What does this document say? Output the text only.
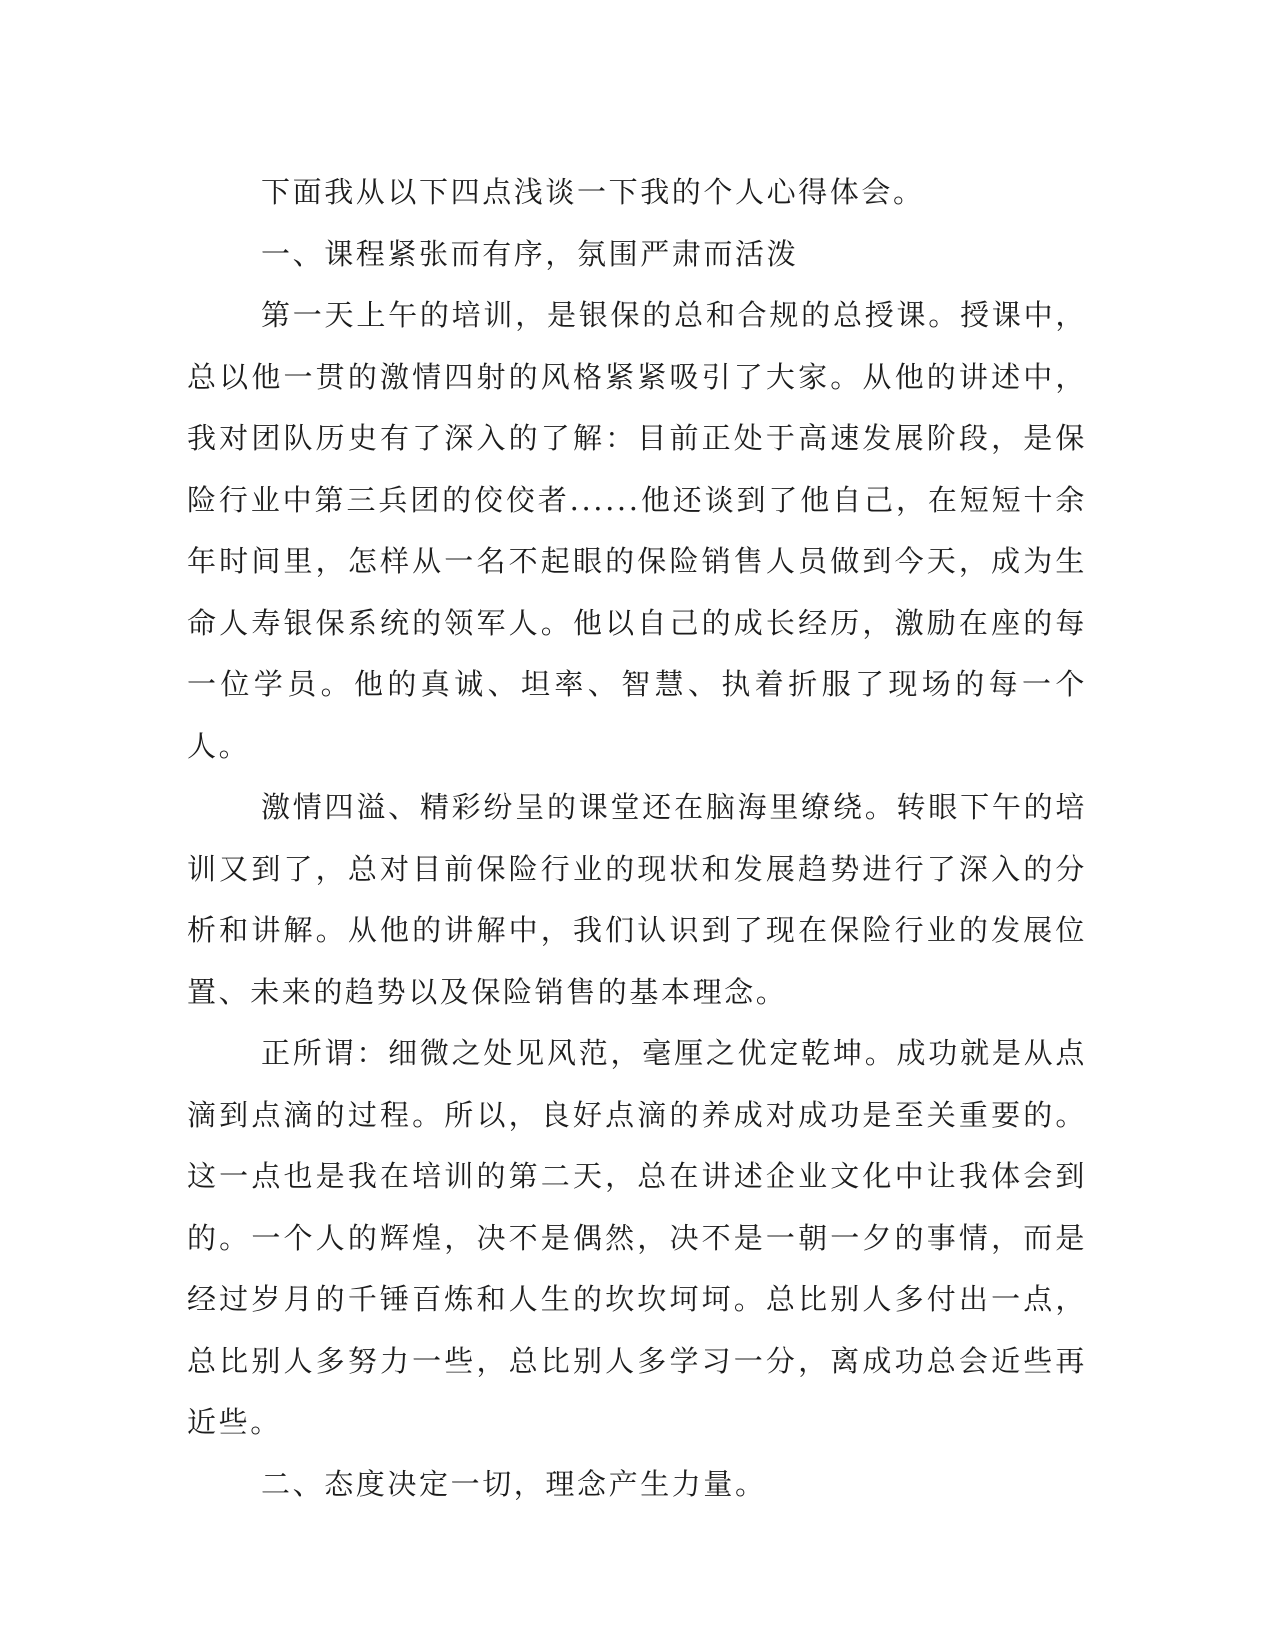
下面我从以下四点浅谈一下我的个人心得体会。

一、课程紧张而有序，氛围严肃而活泼

第一天上午的培训，是银保的总和合规的总授课。授课中，总以他一贯的激情四射的风格紧紧吸引了大家。从他的讲述中，我对团队历史有了深入的了解：目前正处于高速发展阶段，是保险行业中第三兵团的佼佼者......他还谈到了他自己，在短短十余年时间里，怎样从一名不起眼的保险销售人员做到今天，成为生命人寿银保系统的领军人。他以自己的成长经历，激励在座的每一位学员。他的真诚、坦率、智慧、执着折服了现场的每一个人。

激情四溢、精彩纷呈的课堂还在脑海里缭绕。转眼下午的培训又到了，总对目前保险行业的现状和发展趋势进行了深入的分析和讲解。从他的讲解中，我们认识到了现在保险行业的发展位置、未来的趋势以及保险销售的基本理念。

正所谓：细微之处见风范，毫厘之优定乾坤。成功就是从点滴到点滴的过程。所以，良好点滴的养成对成功是至关重要的。这一点也是我在培训的第二天，总在讲述企业文化中让我体会到的。一个人的辉煌，决不是偶然，决不是一朝一夕的事情，而是经过岁月的千锤百炼和人生的坎坎坷坷。总比别人多付出一点，总比别人多努力一些，总比别人多学习一分，离成功总会近些再近些。

二、态度决定一切，理念产生力量。
